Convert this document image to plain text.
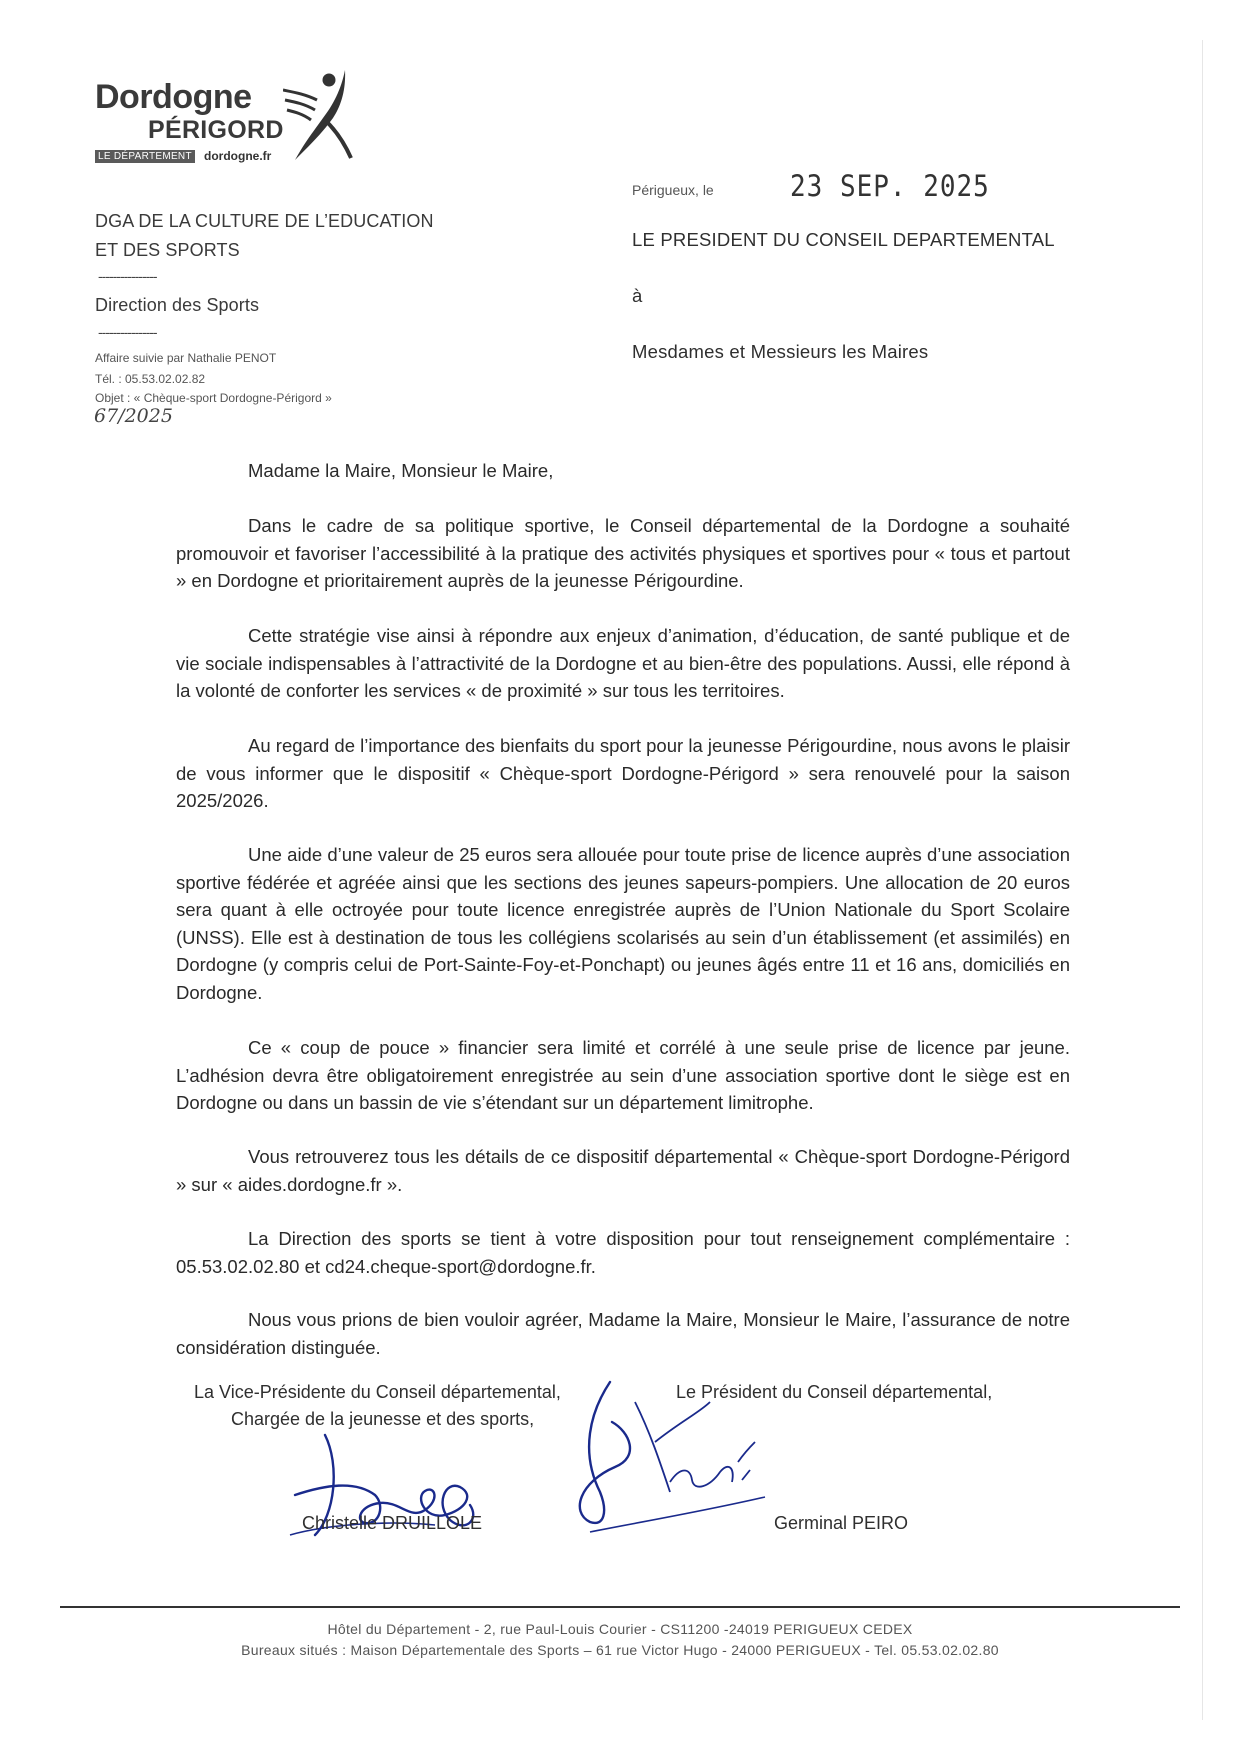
Dordogne
PÉRIGORD
LE DÉPARTEMENT dordogne.fr
DGA DE LA CULTURE DE L’EDUCATION
ET DES SPORTS
----------------
Direction des Sports
----------------
Affaire suivie par Nathalie PENOT
Tél. : 05.53.02.02.82
Objet : « Chèque-sport Dordogne-Périgord »
67/2025
Périgueux, le	23 SEP. 2025
LE PRESIDENT DU CONSEIL DEPARTEMENTAL
à
Mesdames et Messieurs les Maires
Madame la Maire, Monsieur le Maire,
Dans le cadre de sa politique sportive, le Conseil départemental de la Dordogne a souhaité promouvoir et favoriser l’accessibilité à la pratique des activités physiques et sportives pour « tous et partout » en Dordogne et prioritairement auprès de la jeunesse Périgourdine.
Cette stratégie vise ainsi à répondre aux enjeux d’animation, d’éducation, de santé publique et de vie sociale indispensables à l’attractivité de la Dordogne et au bien-être des populations. Aussi, elle répond à la volonté de conforter les services « de proximité » sur tous les territoires.
Au regard de l’importance des bienfaits du sport pour la jeunesse Périgourdine, nous avons le plaisir de vous informer que le dispositif « Chèque-sport Dordogne-Périgord » sera renouvelé pour la saison 2025/2026.
Une aide d’une valeur de 25 euros sera allouée pour toute prise de licence auprès d’une association sportive fédérée et agréée ainsi que les sections des jeunes sapeurs-pompiers. Une allocation de 20 euros sera quant à elle octroyée pour toute licence enregistrée auprès de l’Union Nationale du Sport Scolaire (UNSS). Elle est à destination de tous les collégiens scolarisés au sein d’un établissement (et assimilés) en Dordogne (y compris celui de Port-Sainte-Foy-et-Ponchapt) ou jeunes âgés entre 11 et 16 ans, domiciliés en Dordogne.
Ce « coup de pouce » financier sera limité et corrélé à une seule prise de licence par jeune. L’adhésion devra être obligatoirement enregistrée au sein d’une association sportive dont le siège est en Dordogne ou dans un bassin de vie s’étendant sur un département limitrophe.
Vous retrouverez tous les détails de ce dispositif départemental « Chèque-sport Dordogne-Périgord » sur « aides.dordogne.fr ».
La Direction des sports se tient à votre disposition pour tout renseignement complémentaire : 05.53.02.02.80 et cd24.cheque-sport@dordogne.fr.
Nous vous prions de bien vouloir agréer, Madame la Maire, Monsieur le Maire, l’assurance de notre considération distinguée.
La Vice-Présidente du Conseil départemental,
Chargée de la jeunesse et des sports,
Le Président du Conseil départemental,
Christelle DRUILLOLE	Germinal PEIRO
Hôtel du Département - 2, rue Paul-Louis Courier - CS11200 -24019 PERIGUEUX CEDEX
Bureaux situés : Maison Départementale des Sports – 61 rue Victor Hugo - 24000 PERIGUEUX - Tel. 05.53.02.02.80
